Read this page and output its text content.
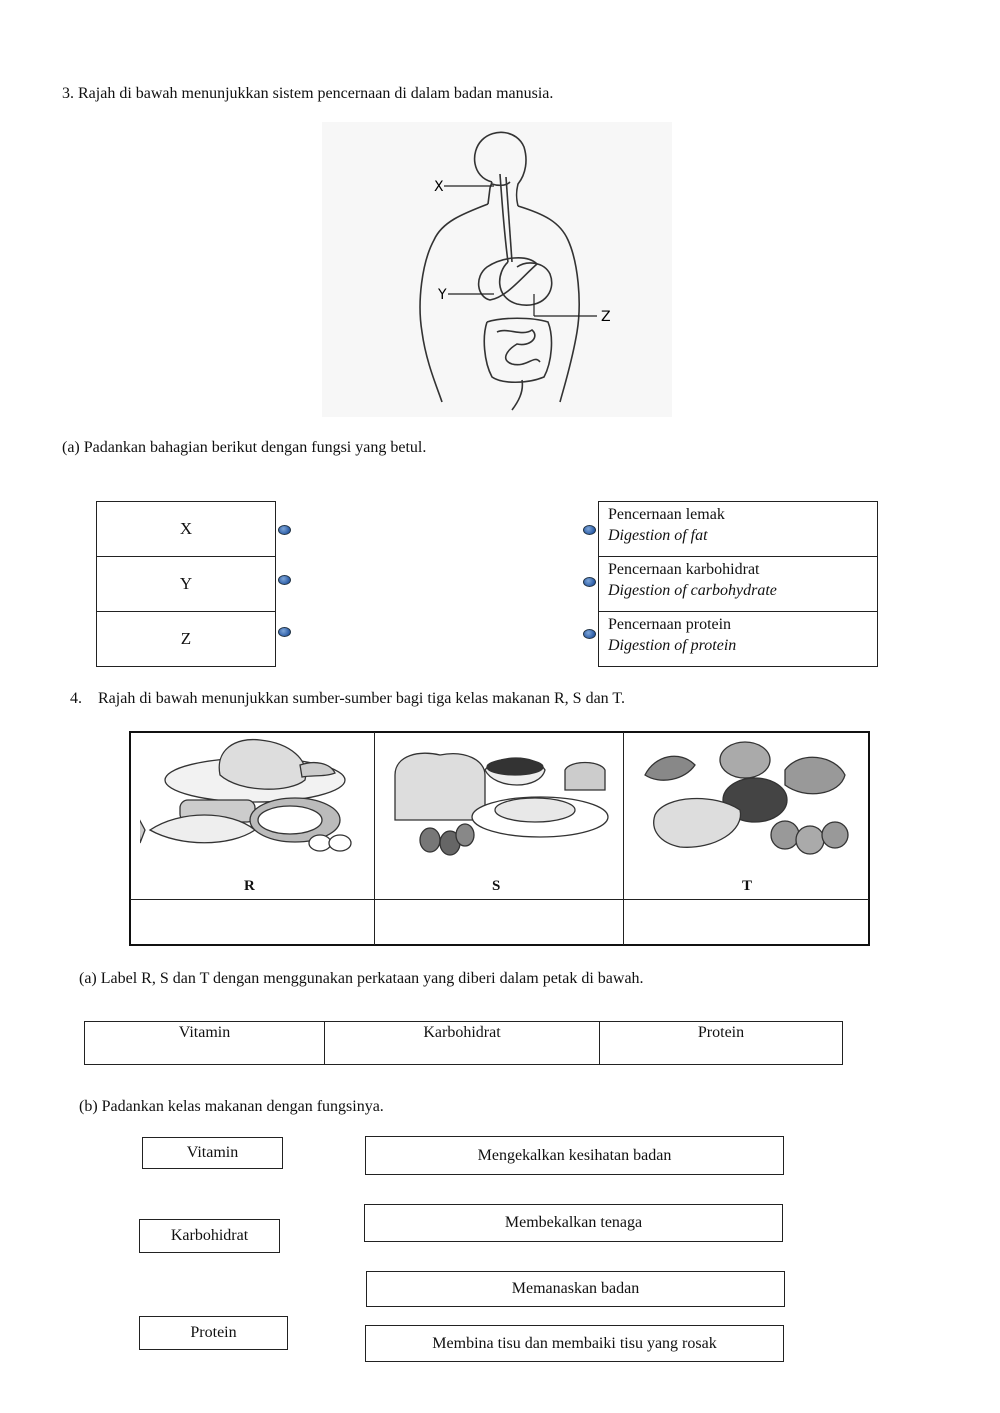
3. Rajah di bawah menunjukkan sistem pencernaan di dalam badan manusia.
X
Y
Z
(a) Padankan bahagian berikut dengan fungsi yang betul.
X
Y
Z
Pencernaan lemak
Digestion of fat
Pencernaan karbohidrat
Digestion of carbohydrate
Pencernaan protein
Digestion of protein
4.    Rajah di bawah menunjukkan sumber-sumber bagi tiga kelas makanan R, S dan T.
R	S	T
(a) Label R, S dan T dengan menggunakan perkataan yang diberi dalam petak di bawah.
Vitamin	Karbohidrat	Protein
(b) Padankan kelas makanan dengan fungsinya.
Vitamin
Karbohidrat
Protein
Mengekalkan kesihatan badan
Membekalkan tenaga
Memanaskan badan
Membina tisu dan membaiki tisu yang rosak
